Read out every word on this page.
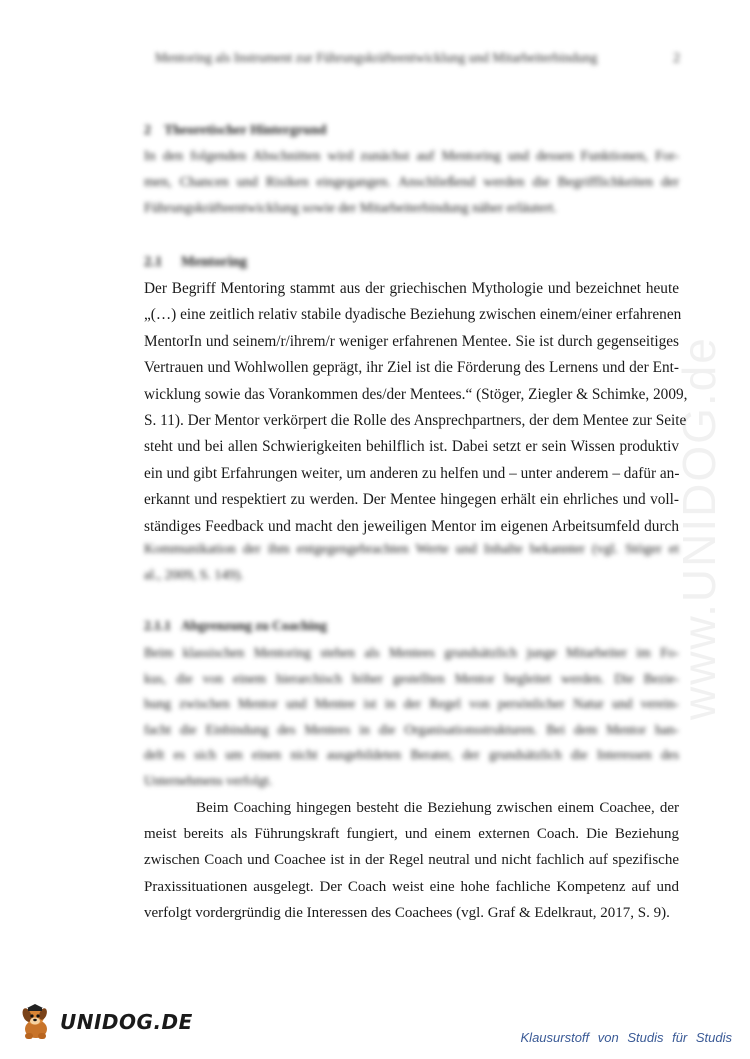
www.UNIDOG.de
Mentoring als Instrument zur Führungskräfteentwicklung und Mitarbeiterbindung	2
2 Theoretischer Hintergrund
In den folgenden Abschnitten wird zunächst auf Mentoring und dessen Funktionen, For-
men, Chancen und Risiken eingegangen. Anschließend werden die Begrifflichkeiten der
Führungskräfteentwicklung sowie der Mitarbeiterbindung näher erläutert.
2.1 Mentoring
Der Begriff Mentoring stammt aus der griechischen Mythologie und bezeichnet heute
„(…) eine zeitlich relativ stabile dyadische Beziehung zwischen einem/einer erfahrenen
MentorIn und seinem/r/ihrem/r weniger erfahrenen Mentee. Sie ist durch gegenseitiges
Vertrauen und Wohlwollen geprägt, ihr Ziel ist die Förderung des Lernens und der Ent-
wicklung sowie das Vorankommen des/der Mentees.“ (Stöger, Ziegler & Schimke, 2009,
S. 11). Der Mentor verkörpert die Rolle des Ansprechpartners, der dem Mentee zur Seite
steht und bei allen Schwierigkeiten behilflich ist. Dabei setzt er sein Wissen produktiv
ein und gibt Erfahrungen weiter, um anderen zu helfen und – unter anderem – dafür an-
erkannt und respektiert zu werden. Der Mentee hingegen erhält ein ehrliches und voll-
ständiges Feedback und macht den jeweiligen Mentor im eigenen Arbeitsumfeld durch
Kommunikation der ihm entgegengebrachten Werte und Inhalte bekannter (vgl. Stöger et
al., 2009, S. 149).
2.1.1 Abgrenzung zu Coaching
Beim klassischen Mentoring stehen als Mentees grundsätzlich junge Mitarbeiter im Fo-
kus, die von einem hierarchisch höher gestellten Mentor begleitet werden. Die Bezie-
hung zwischen Mentor und Mentee ist in der Regel von persönlicher Natur und verein-
facht die Einbindung des Mentees in die Organisationsstrukturen. Bei dem Mentor han-
delt es sich um einen nicht ausgebildeten Berater, der grundsätzlich die Interessen des
Unternehmens verfolgt.
Beim Coaching hingegen besteht die Beziehung zwischen einem Coachee, der
meist bereits als Führungskraft fungiert, und einem externen Coach. Die Beziehung
zwischen Coach und Coachee ist in der Regel neutral und nicht fachlich auf spezifische
Praxissituationen ausgelegt. Der Coach weist eine hohe fachliche Kompetenz auf und
verfolgt vordergründig die Interessen des Coachees (vgl. Graf & Edelkraut, 2017, S. 9).
UNIDOG.DE
Klausurstoff von Studis für Studis
